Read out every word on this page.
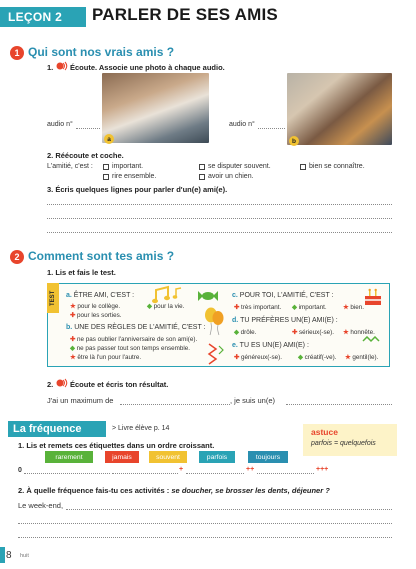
LEÇON 2	PARLER DE SES AMIS
1 Qui sont nos vrais amis ?
1. Écoute. Associe une photo à chaque audio.
audio n°
a
audio n°
b
2. Réécoute et coche.
L'amitié, c'est :	important.	se disputer souvent.	bien se connaître.
rire ensemble.	avoir un chien.
3. Écris quelques lignes pour parler d'un(e) ami(e).
2 Comment sont tes amis ?
1. Lis et fais le test.
TEST	a. ÊTRE AMI, C'EST :
★ pour le collège.	◆ pour la vie.
✚ pour les sorties.
b. UNE DES RÈGLES DE L'AMITIÉ, C'EST :
✚ ne pas oublier l'anniversaire de son ami(e).
◆ ne pas passer tout son temps ensemble.
★ être là l'un pour l'autre.
c. POUR TOI, L'AMITIÉ, C'EST :
✚ très important. ◆ important.	★ bien.
d. TU PRÉFÈRES UN(E) AMI(E) :
◆ drôle.	✚ sérieux(-se). ★ honnête.
e. TU ES UN(E) AMI(E) :
✚ généreux(-se).	◆ créatif(-ve). ★ gentil(le).
2. Écoute et écris ton résultat.
J'ai un maximum de	, je suis un(e)
La fréquence	> Livre élève p. 14	astuce
parfois = quelquefois
1. Lis et remets ces étiquettes dans un ordre croissant.
rarement	jamais	souvent	parfois	toujours
0	+	++	+++
2. À quelle fréquence fais-tu ces activités : se doucher, se brosser les dents, déjeuner ?
Le week-end,
8 huit
